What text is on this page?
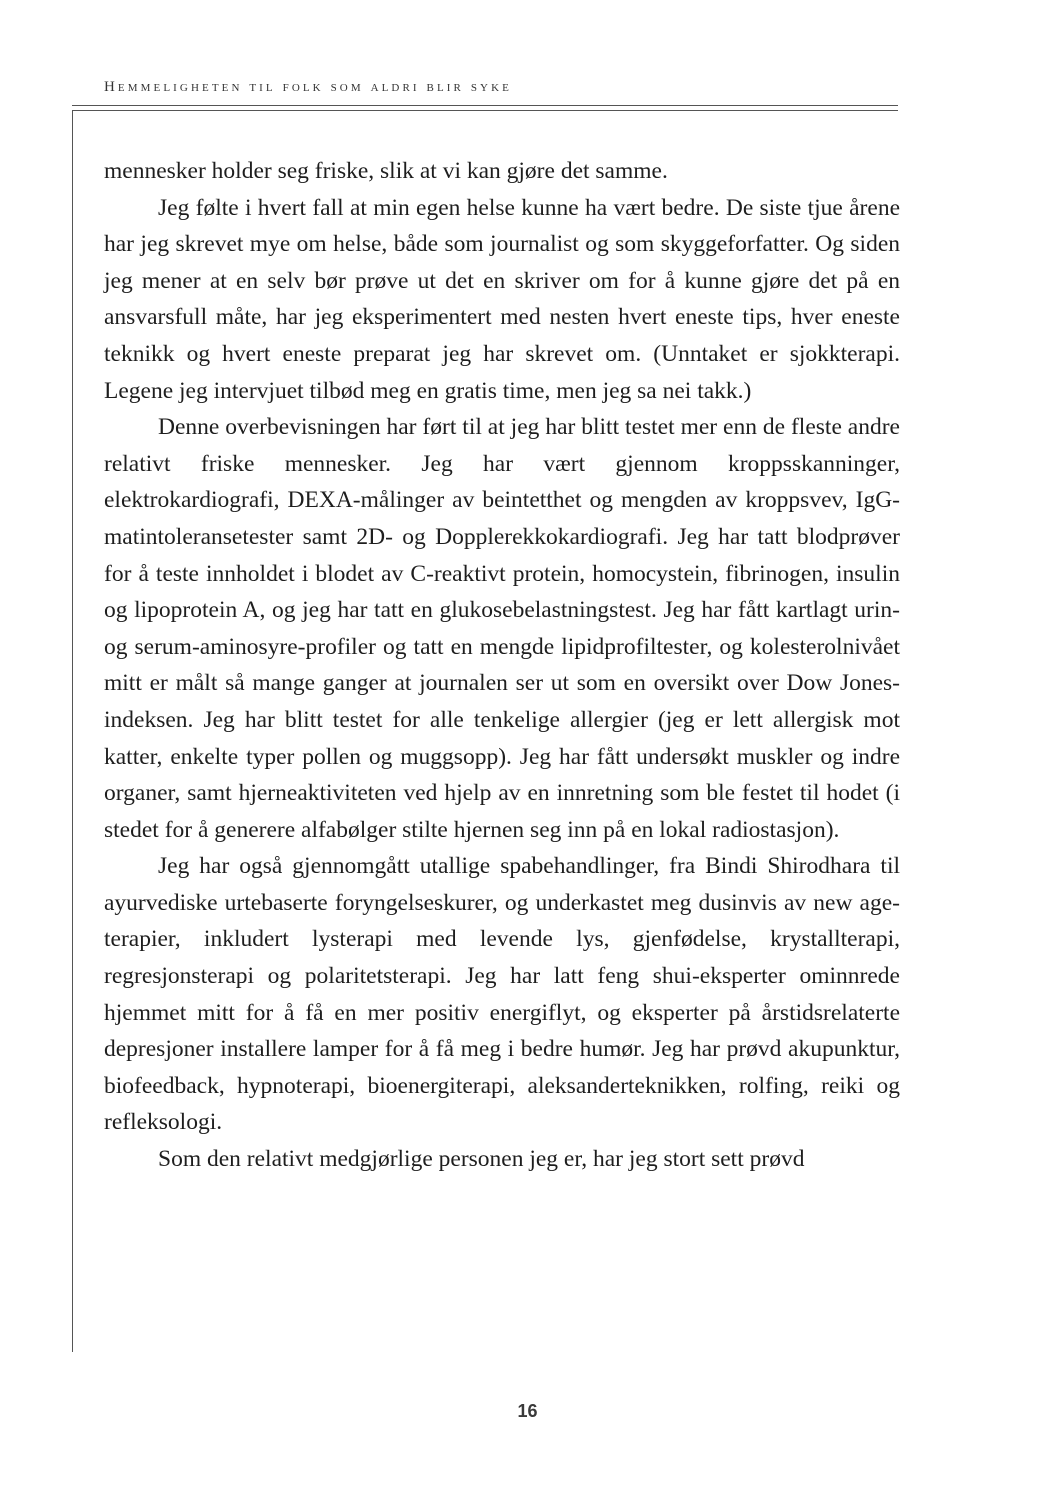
Hemmeligheten til folk som aldri blir syke

mennesker holder seg friske, slik at vi kan gjøre det samme.

Jeg følte i hvert fall at min egen helse kunne ha vært bedre. De siste tjue årene har jeg skrevet mye om helse, både som journalist og som skyggeforfatter. Og siden jeg mener at en selv bør prøve ut det en skriver om for å kunne gjøre det på en ansvarsfull måte, har jeg eksperimentert med nesten hvert eneste tips, hver eneste teknikk og hvert eneste preparat jeg har skrevet om. (Unntaket er sjokkterapi. Legene jeg intervjuet tilbød meg en gratis time, men jeg sa nei takk.)

Denne overbevisningen har ført til at jeg har blitt testet mer enn de fleste andre relativt friske mennesker. Jeg har vært gjennom kroppsskanninger, elektrokardiografi, DEXA-målinger av beintetthet og mengden av kroppsvev, IgG-matintoleransetester samt 2D- og Dopplerekkokardiografi. Jeg har tatt blodprøver for å teste innholdet i blodet av C-reaktivt protein, homocystein, fibrinogen, insulin og lipoprotein A, og jeg har tatt en glukosebelastningstest. Jeg har fått kartlagt urin- og serum-aminosyre-profiler og tatt en mengde lipidprofiltester, og kolesterolnivået mitt er målt så mange ganger at journalen ser ut som en oversikt over Dow Jones-indeksen. Jeg har blitt testet for alle tenkelige allergier (jeg er lett allergisk mot katter, enkelte typer pollen og muggsopp). Jeg har fått undersøkt muskler og indre organer, samt hjerneaktiviteten ved hjelp av en innretning som ble festet til hodet (i stedet for å generere alfabølger stilte hjernen seg inn på en lokal radiostasjon).

Jeg har også gjennomgått utallige spabehandlinger, fra Bindi Shirodhara til ayurvediske urtebaserte foryngelseskurer, og underkastet meg dusinvis av new age-terapier, inkludert lysterapi med levende lys, gjenfødelse, krystallterapi, regresjonsterapi og polaritetsterapi. Jeg har latt feng shui-eksperter ominnrede hjemmet mitt for å få en mer positiv energiflyt, og eksperter på årstidsrelaterte depresjoner installere lamper for å få meg i bedre humør. Jeg har prøvd akupunktur, biofeedback, hypnoterapi, bioenergiterapi, aleksanderteknikken, rolfing, reiki og refleksologi.

Som den relativt medgjørlige personen jeg er, har jeg stort sett prøvd

16
